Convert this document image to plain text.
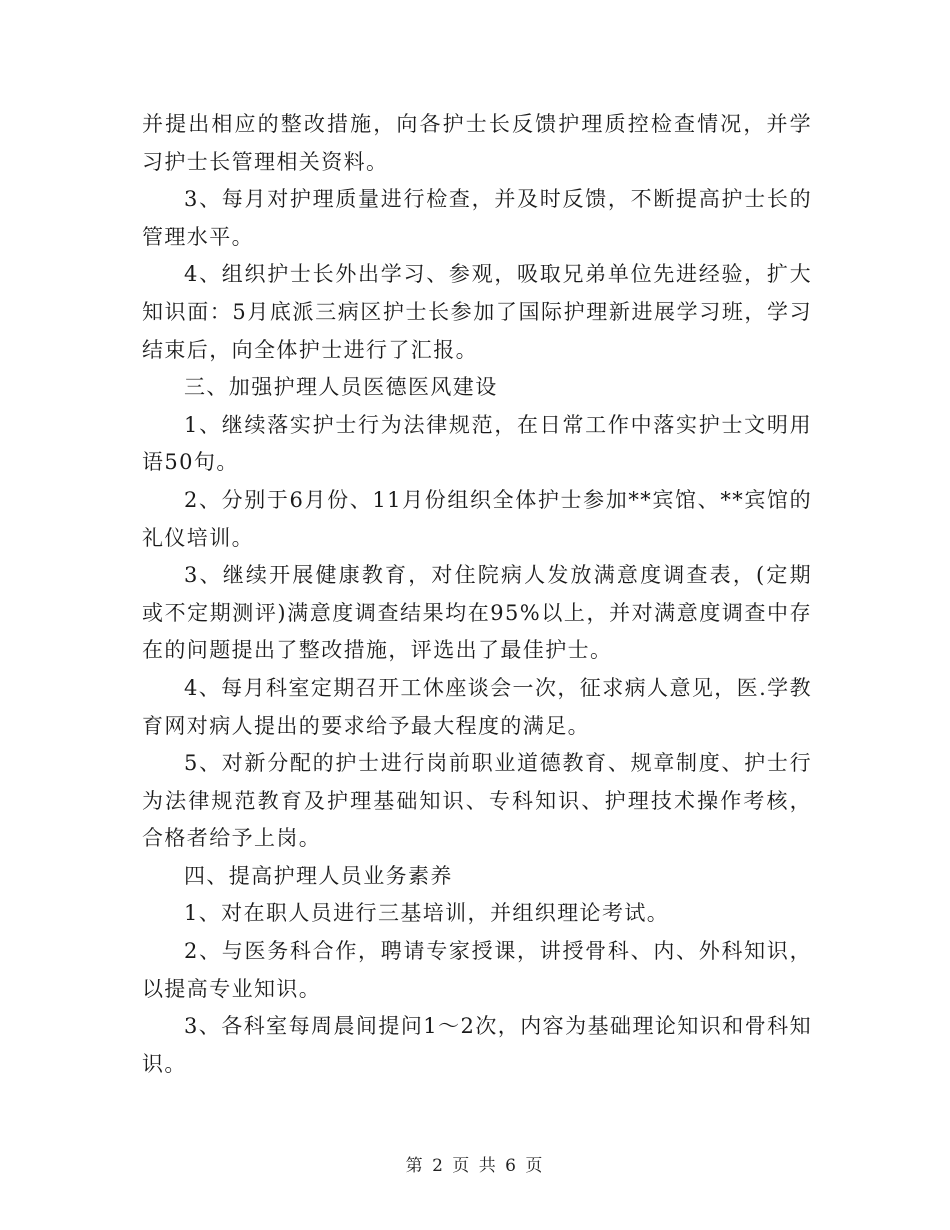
并提出相应的整改措施，向各护士长反馈护理质控检查情况，并学习护士长管理相关资料。

3、每月对护理质量进行检查，并及时反馈，不断提高护士长的管理水平。

4、组织护士长外出学习、参观，吸取兄弟单位先进经验，扩大知识面：5月底派三病区护士长参加了国际护理新进展学习班，学习结束后，向全体护士进行了汇报。

三、加强护理人员医德医风建设

1、继续落实护士行为法律规范，在日常工作中落实护士文明用语50句。

2、分别于6月份、11月份组织全体护士参加**宾馆、**宾馆的礼仪培训。

3、继续开展健康教育，对住院病人发放满意度调查表，(定期或不定期测评)满意度调查结果均在95%以上，并对满意度调查中存在的问题提出了整改措施，评选出了最佳护士。

4、每月科室定期召开工休座谈会一次，征求病人意见，医.学教育网对病人提出的要求给予最大程度的满足。

5、对新分配的护士进行岗前职业道德教育、规章制度、护士行为法律规范教育及护理基础知识、专科知识、护理技术操作考核，合格者给予上岗。

四、提高护理人员业务素养

1、对在职人员进行三基培训，并组织理论考试。

2、与医务科合作，聘请专家授课，讲授骨科、内、外科知识，以提高专业知识。

3、各科室每周晨间提问1～2次，内容为基础理论知识和骨科知识。

第 2 页 共 6 页
